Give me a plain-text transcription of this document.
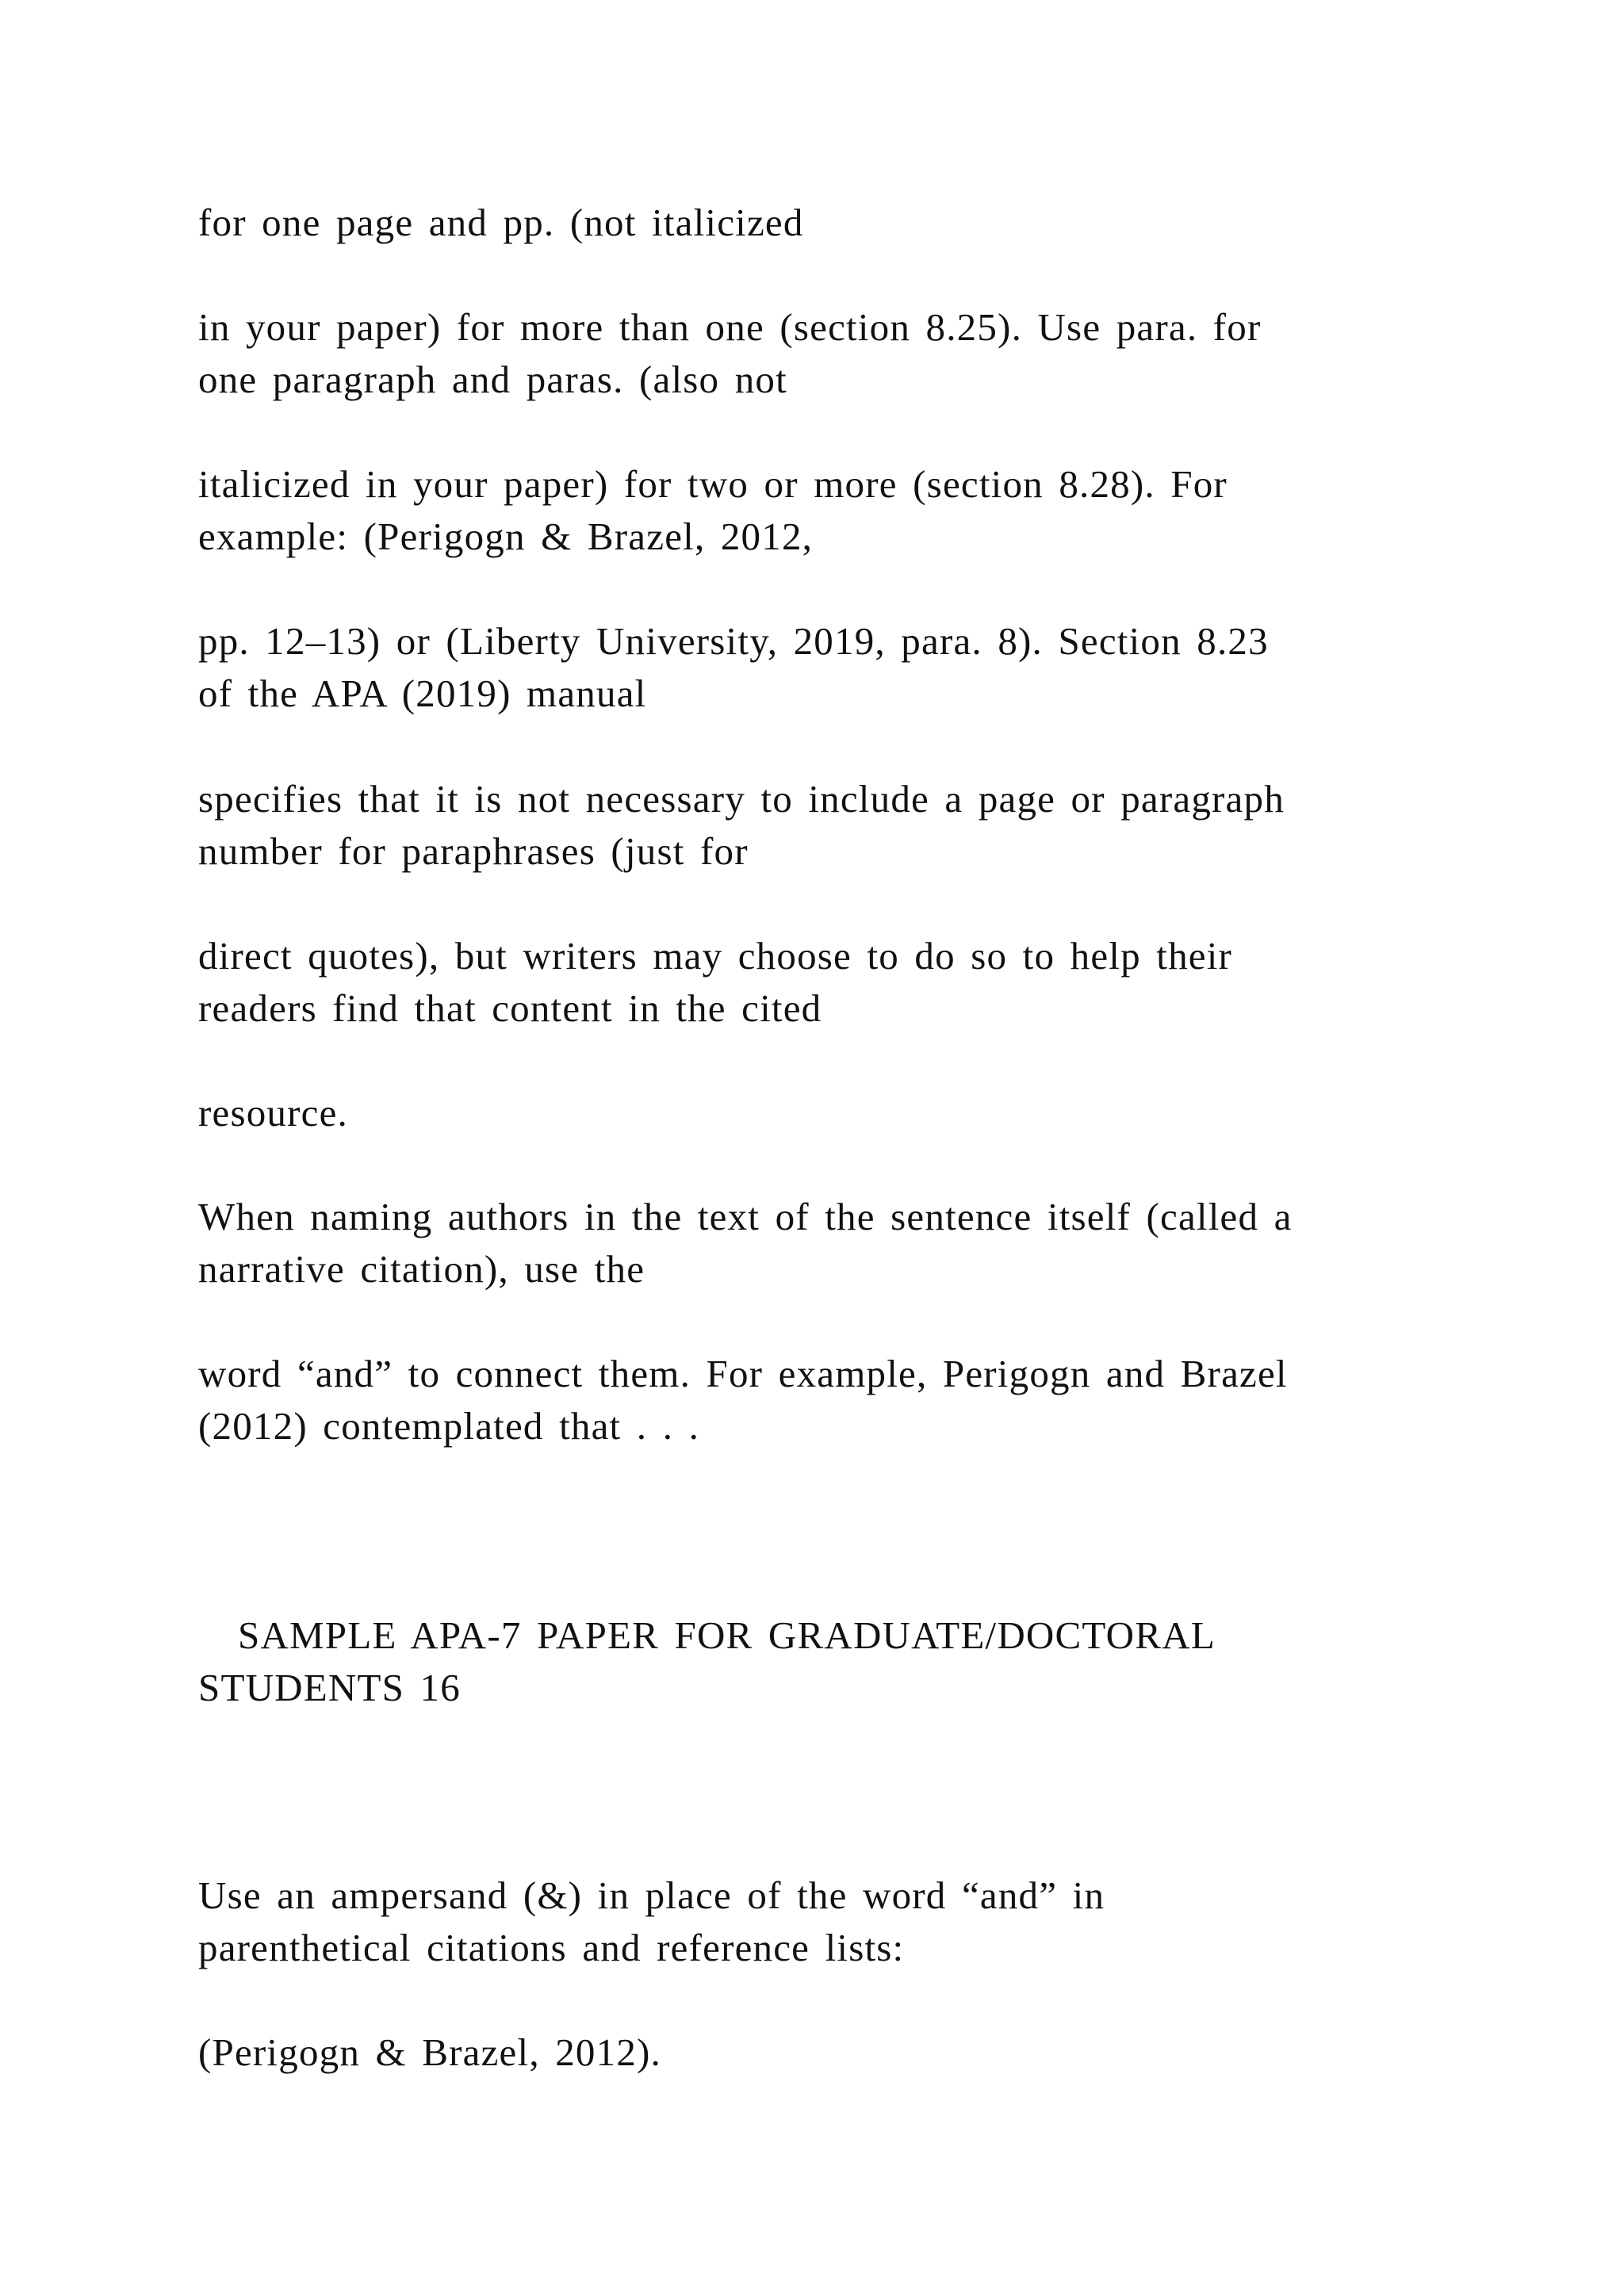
for one page and pp. (not italicized

in your paper) for more than one (section 8.25). Use para. for

one paragraph and paras. (also not

italicized in your paper) for two or more (section 8.28). For

example: (Perigogn & Brazel, 2012,

pp. 12–13) or (Liberty University, 2019, para. 8). Section 8.23

of the APA (2019) manual

specifies that it is not necessary to include a page or paragraph

number for paraphrases (just for

direct quotes), but writers may choose to do so to help their

readers find that content in the cited

resource.

When naming authors in the text of the sentence itself (called a

narrative citation), use the

word “and” to connect them. For example, Perigogn and Brazel

(2012) contemplated that . . .

SAMPLE APA-7 PAPER FOR GRADUATE/DOCTORAL

STUDENTS 16

Use an ampersand (&) in place of the word “and” in

parenthetical citations and reference lists:

(Perigogn & Brazel, 2012).
